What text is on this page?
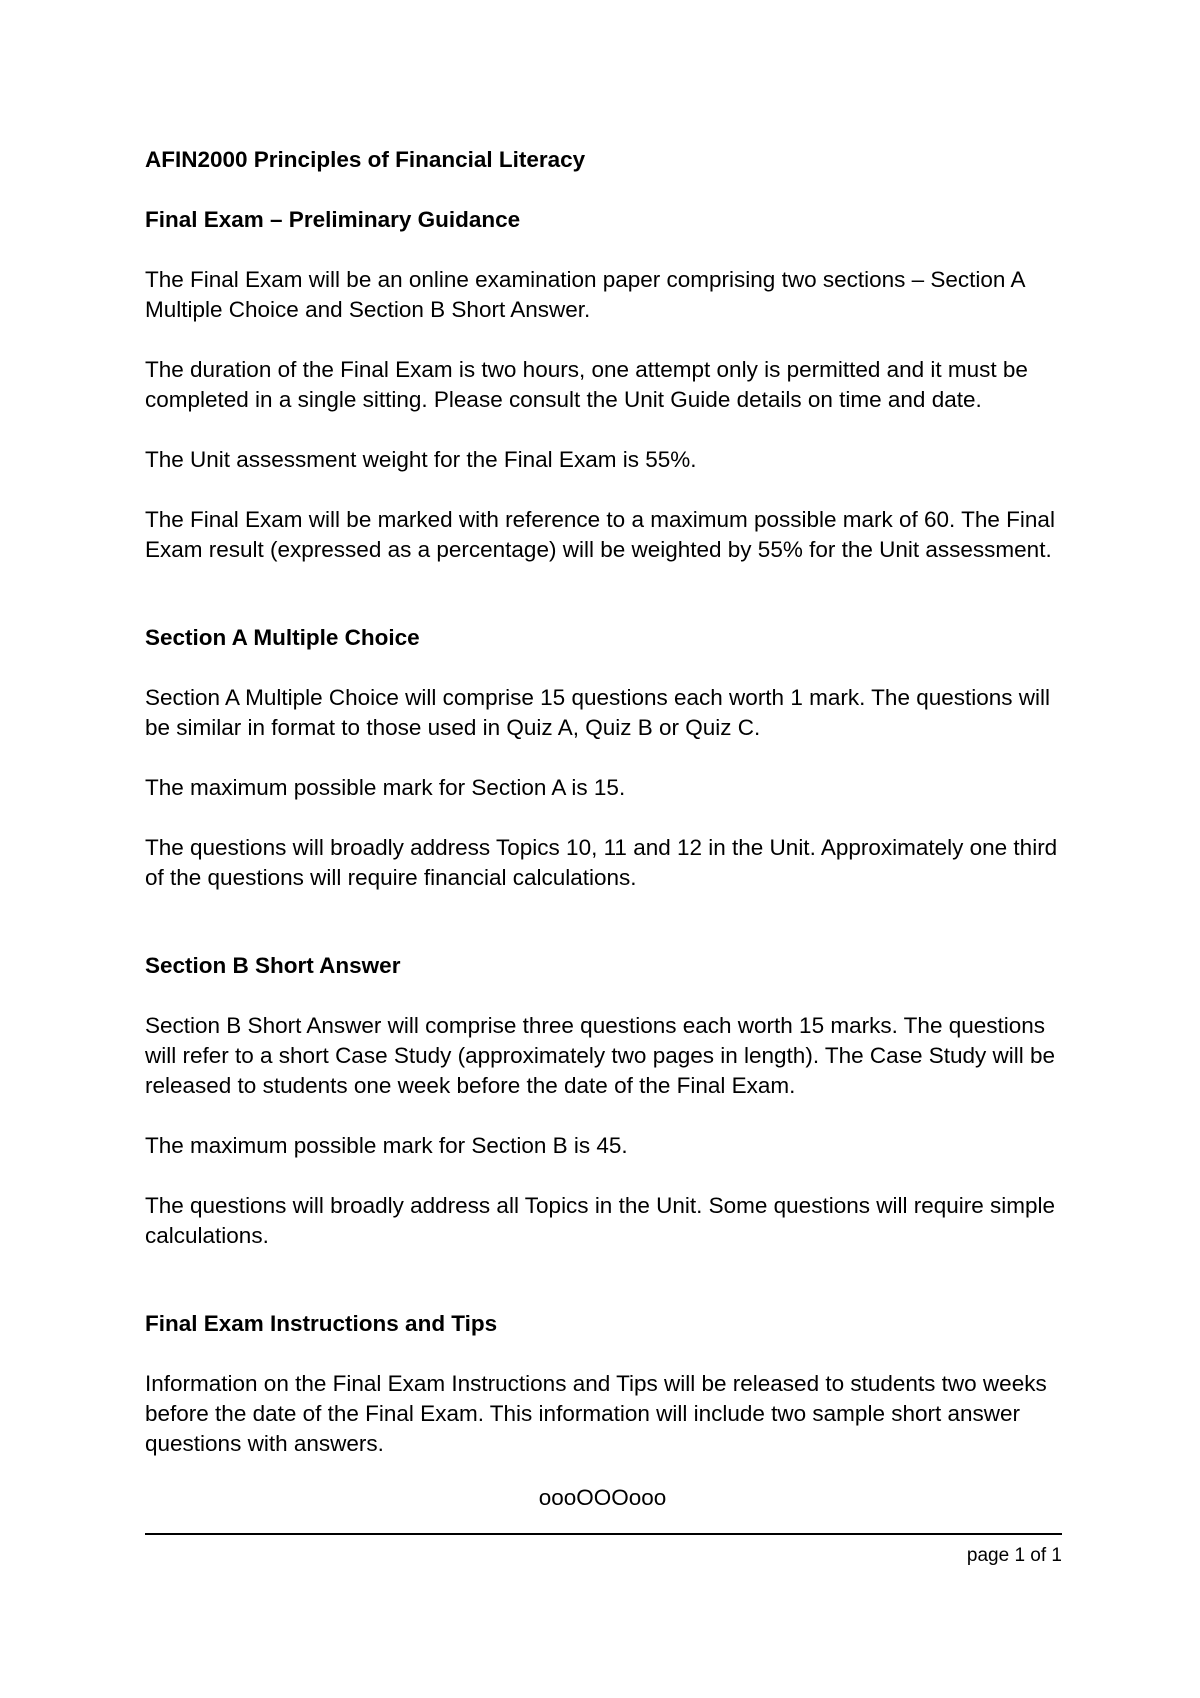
AFIN2000 Principles of Financial Literacy

Final Exam – Preliminary Guidance

The Final Exam will be an online examination paper comprising two sections – Section A Multiple Choice and Section B Short Answer.

The duration of the Final Exam is two hours, one attempt only is permitted and it must be completed in a single sitting. Please consult the Unit Guide details on time and date.

The Unit assessment weight for the Final Exam is 55%.

The Final Exam will be marked with reference to a maximum possible mark of 60. The Final Exam result (expressed as a percentage) will be weighted by 55% for the Unit assessment.

Section A Multiple Choice

Section A Multiple Choice will comprise 15 questions each worth 1 mark. The questions will be similar in format to those used in Quiz A, Quiz B or Quiz C.

The maximum possible mark for Section A is 15.

The questions will broadly address Topics 10, 11 and 12 in the Unit. Approximately one third of the questions will require financial calculations.

Section B Short Answer

Section B Short Answer will comprise three questions each worth 15 marks. The questions will refer to a short Case Study (approximately two pages in length). The Case Study will be released to students one week before the date of the Final Exam.

The maximum possible mark for Section B is 45.

The questions will broadly address all Topics in the Unit. Some questions will require simple calculations.

Final Exam Instructions and Tips

Information on the Final Exam Instructions and Tips will be released to students two weeks before the date of the Final Exam. This information will include two sample short answer questions with answers.

oooOOOooo
page 1 of 1
